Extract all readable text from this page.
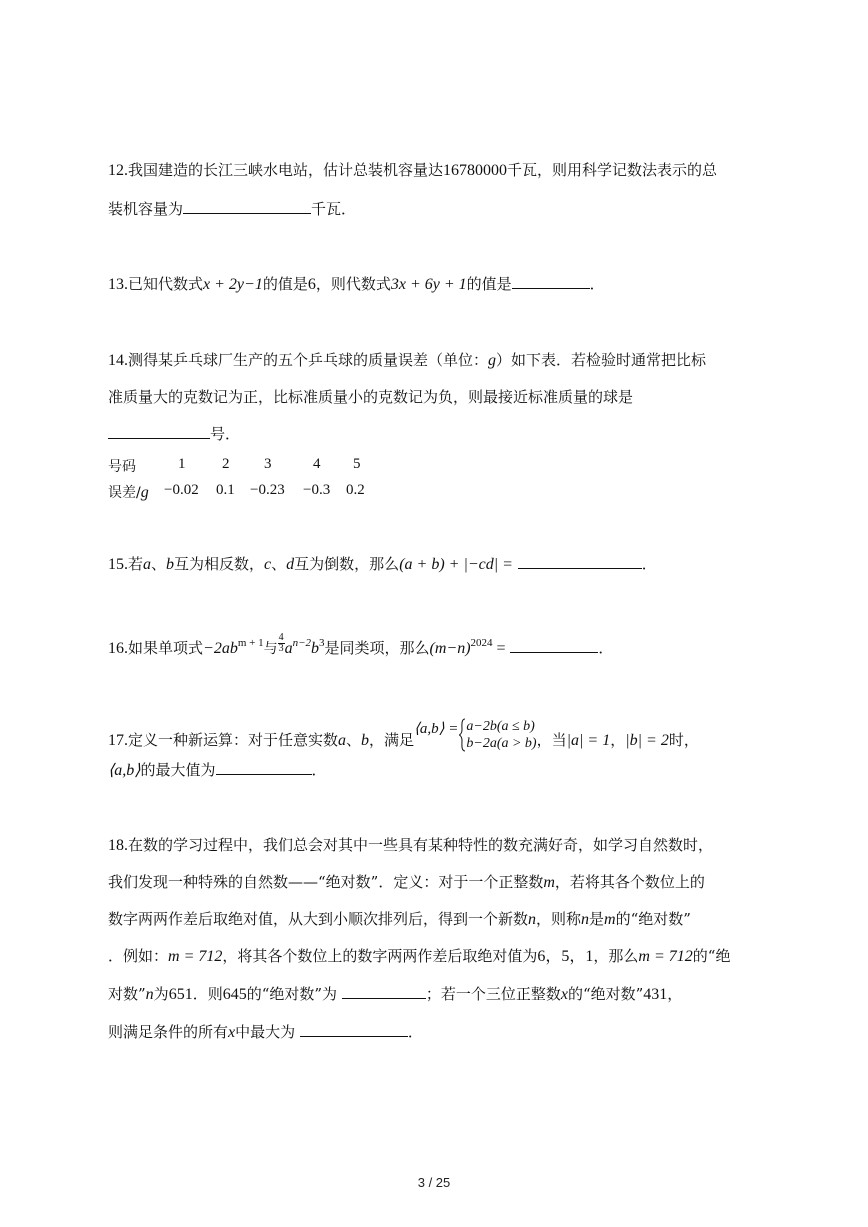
12.我国建造的长江三峡水电站，估计总装机容量达16780000千瓦，则用科学记数法表示的总
装机容量为	千瓦．
13.已知代数式x + 2y−1的值是6，则代数式3x + 6y + 1的值是	．
14.测得某乒乓球厂生产的五个乒乓球的质量误差（单位：g）如下表．若检验时通常把比标
准质量大的克数记为正，比标准质量小的克数记为负，则最接近标准质量的球是
号．
号码	1 2 3	4 5
误差/g −0.02 0.1 −0.23 −0.3 0.2
15.若a、b互为相反数，c、d互为倒数，那么(a + b) + |−cd| =	．
16.如果单项式$-2ab^{m + 1}$与 $\frac{4}{3} a^{n-2}b^3$是同类项，那么$(m-n)^{2024}$ =	．
17.定义一种新运算：对于任意实数a、b，满足⟨a,b⟩ = a−2b(a ≤ b)
b−2a(a > b) ，当|a| = 1，|b| = 2时，
⟨a,b⟩的最大值为	．
18.在数的学习过程中，我们总会对其中一些具有某种特性的数充满好奇，如学习自然数时，
我们发现一种特殊的自然数——“绝对数”．定义：对于一个正整数m，若将其各个数位上的
数字两两作差后取绝对值，从大到小顺次排列后，得到一个新数n，则称n是m的“绝对数”
．例如：m = 712，将其各个数位上的数字两两作差后取绝对值为6，5，1，那么m = 712的“绝
对数”n为651．则645的“绝对数”为	；若一个三位正整数x的“绝对数”431，
则满足条件的所有x中最大为	．
3 / 25
